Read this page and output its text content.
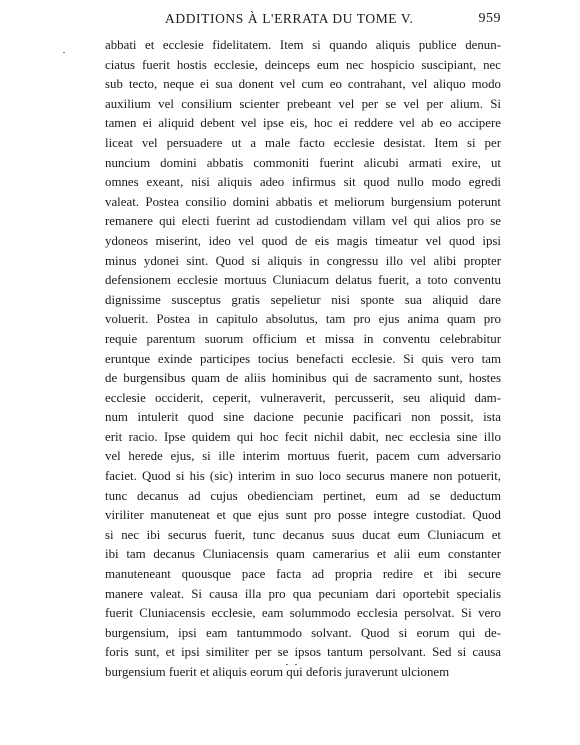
ADDITIONS À L'ERRATA DU TOME V.	959
abbati et ecclesie fidelitatem. Item si quando aliquis publice denun-
ciatus fuerit hostis ecclesie, deinceps eum nec hospicio suscipiant, nec
sub tecto, neque ei sua donent vel cum eo contrahant, vel aliquo modo
auxilium vel consilium scienter prebeant vel per se vel per alium. Si
tamen ei aliquid debent vel ipse eis, hoc ei reddere vel ab eo accipere
liceat vel persuadere ut a male facto ecclesie desistat. Item si per
nuncium domini abbatis commoniti fuerint alicubi armati exire, ut
omnes exeant, nisi aliquis adeo infirmus sit quod nullo modo egredi
valeat. Postea consilio domini abbatis et meliorum burgensium poterunt
remanere qui electi fuerint ad custodiendam villam vel qui alios pro se
ydoneos miserint, ideo vel quod de eis magis timeatur vel quod ipsi
minus ydonei sint. Quod si aliquis in congressu illo vel alibi propter
defensionem ecclesie mortuus Cluniacum delatus fuerit, a toto conventu
dignissime susceptus gratis sepelietur nisi sponte sua aliquid dare
voluerit. Postea in capitulo absolutus, tam pro ejus anima quam pro
requie parentum suorum officium et missa in conventu celebrabitur
eruntque exinde participes tocius benefacti ecclesie. Si quis vero tam
de burgensibus quam de aliis hominibus qui de sacramento sunt, hostes
ecclesie occiderit, ceperit, vulneraverit, percusserit, seu aliquid dam-
num intulerit quod sine dacione pecunie pacificari non possit, ista
erit racio. Ipse quidem qui hoc fecit nichil dabit, nec ecclesia sine illo
vel herede ejus, si ille interim mortuus fuerit, pacem cum adversario
faciet. Quod si his (sic) interim in suo loco securus manere non potuerit,
tunc decanus ad cujus obedienciam pertinet, eum ad se deductum
viriliter manuteneat et que ejus sunt pro posse integre custodiat. Quod
si nec ibi securus fuerit, tunc decanus suus ducat eum Cluniacum et
ibi tam decanus Cluniacensis quam camerarius et alii eum constanter
manuteneant quousque pace facta ad propria redire et ibi secure
manere valeat. Si causa illa pro qua pecuniam dari oportebit specialis
fuerit Cluniacensis ecclesie, eam solummodo ecclesia persolvat. Si vero
burgensium, ipsi eam tantummodo solvant. Quod si eorum qui de-
foris sunt, et ipsi similiter per se ipsos tantum persolvant. Sed si causa
burgensium fuerit et aliquis eorum qui deforis juraverunt ulcionem
